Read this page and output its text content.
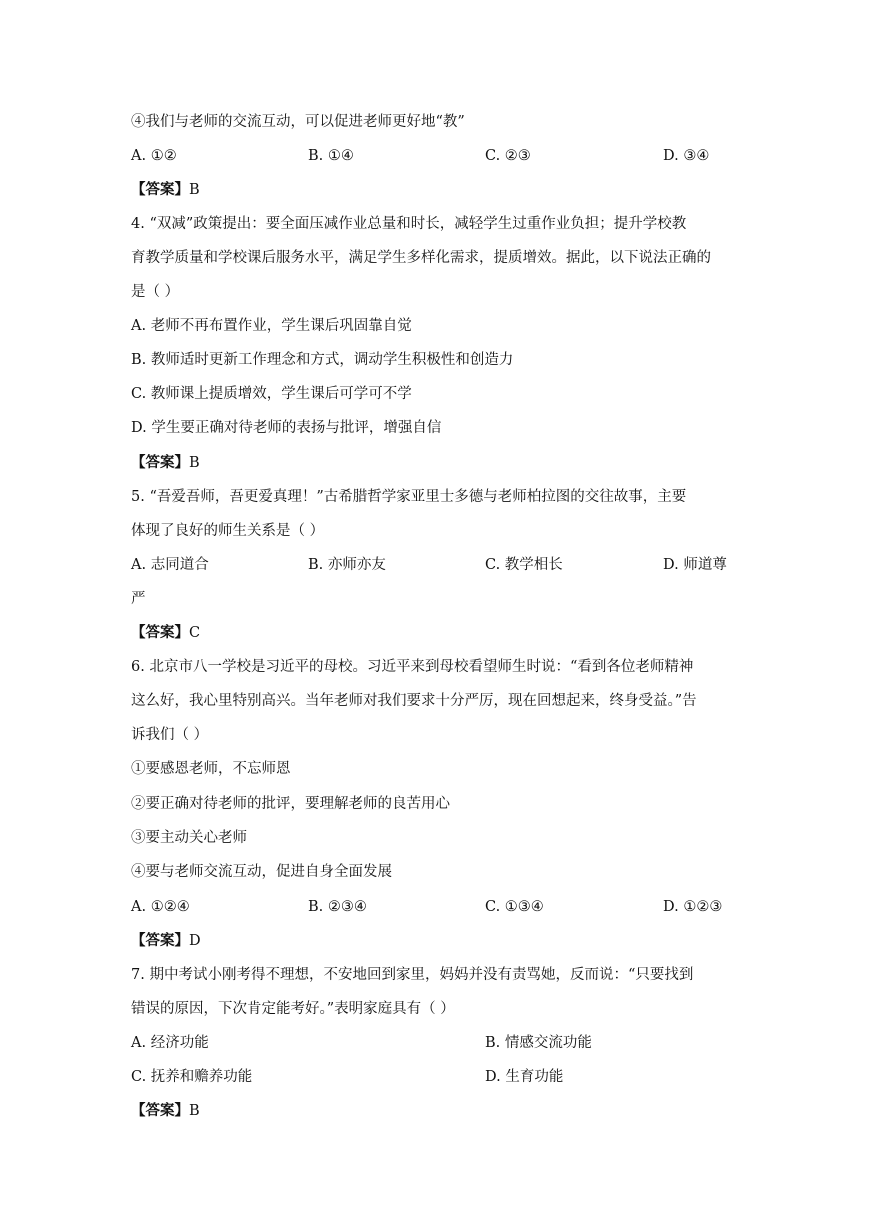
④我们与老师的交流互动，可以促进老师更好地“教”
A. ①②	B. ①④	C. ②③	D. ③④
【答案】B
4. “双减”政策提出：要全面压减作业总量和时长，减轻学生过重作业负担；提升学校教
育教学质量和学校课后服务水平，满足学生多样化需求，提质增效。据此，以下说法正确的
是（ ）
A. 老师不再布置作业，学生课后巩固靠自觉
B. 教师适时更新工作理念和方式，调动学生积极性和创造力
C. 教师课上提质增效，学生课后可学可不学
D. 学生要正确对待老师的表扬与批评，增强自信
【答案】B
5. “吾爱吾师，吾更爱真理！”古希腊哲学家亚里士多德与老师柏拉图的交往故事，主要
体现了良好的师生关系是（ ）
A. 志同道合	B. 亦师亦友	C. 教学相长	D. 师道尊
严
【答案】C
6. 北京市八一学校是习近平的母校。习近平来到母校看望师生时说：“看到各位老师精神
这么好，我心里特别高兴。当年老师对我们要求十分严厉，现在回想起来，终身受益。”告
诉我们（ ）
①要感恩老师，不忘师恩
②要正确对待老师的批评，要理解老师的良苦用心
③要主动关心老师
④要与老师交流互动，促进自身全面发展
A. ①②④	B. ②③④	C. ①③④	D. ①②③
【答案】D
7. 期中考试小刚考得不理想，不安地回到家里，妈妈并没有责骂她，反而说：“只要找到
错误的原因，下次肯定能考好。”表明家庭具有（ ）
A. 经济功能	B. 情感交流功能
C. 抚养和赡养功能	D. 生育功能
【答案】B
